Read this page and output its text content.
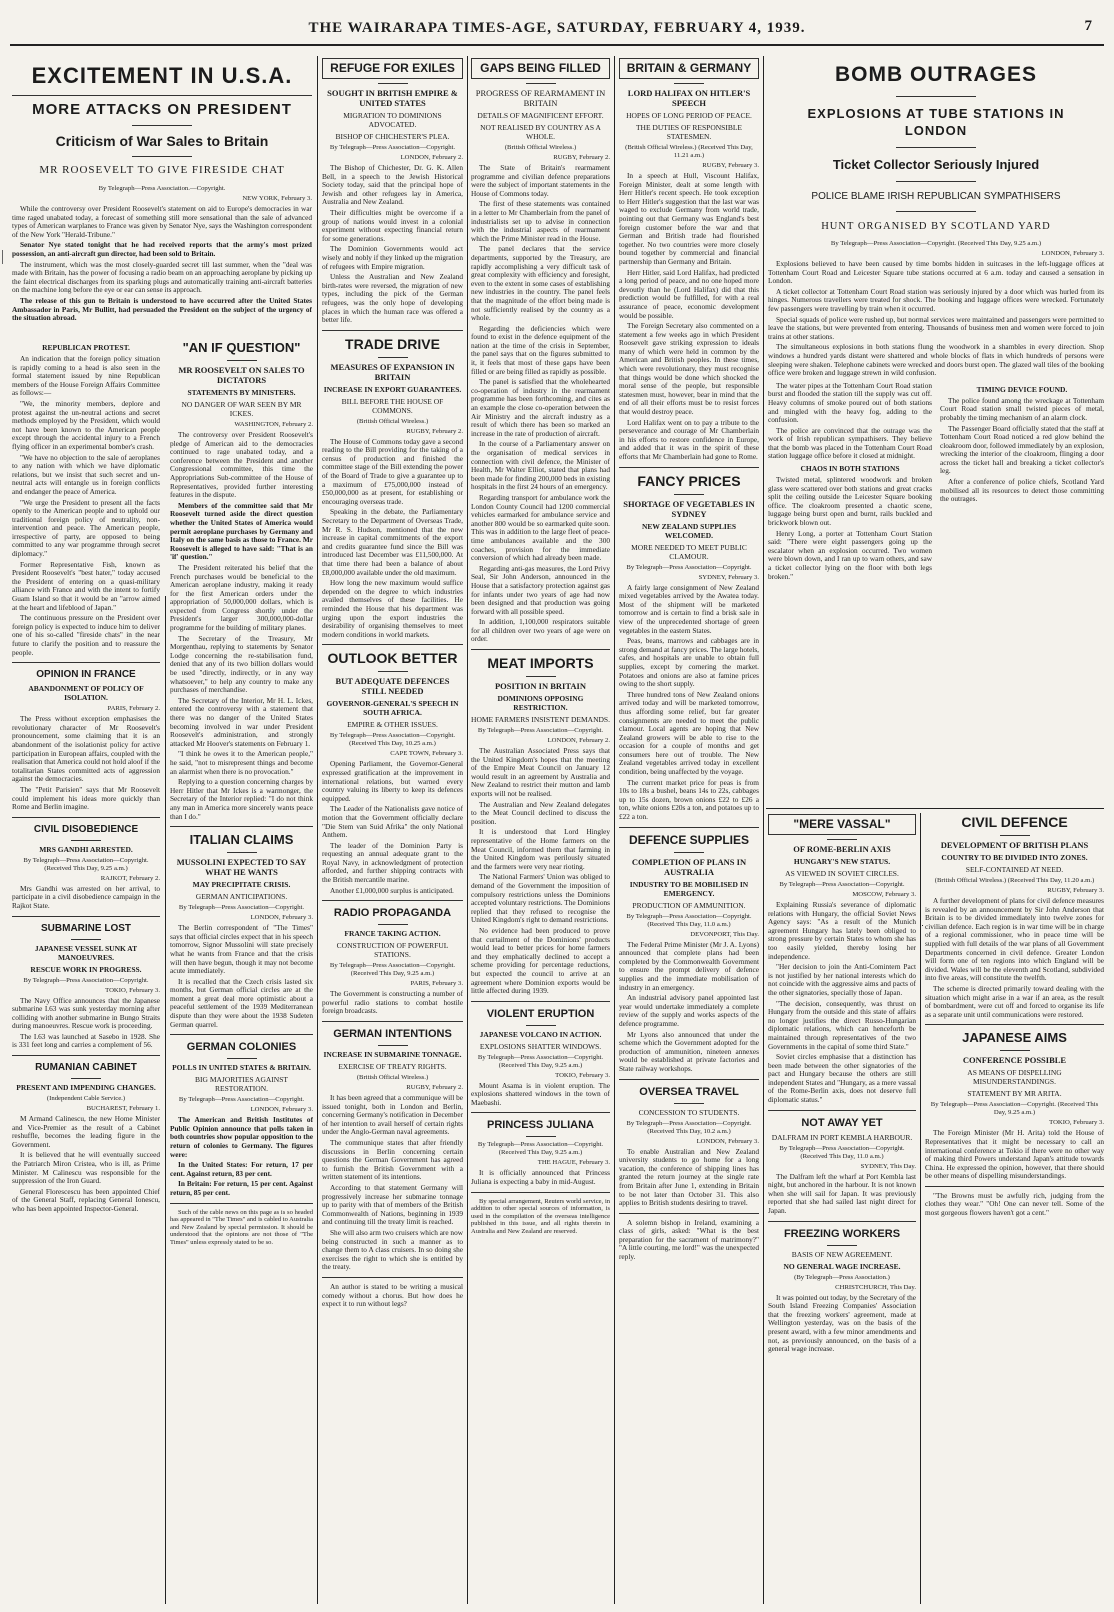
THE WAIRARAPA TIMES-AGE, SATURDAY, FEBRUARY 4, 1939.	7
EXCITEMENT IN U.S.A.
MORE ATTACKS ON PRESIDENT
Criticism of War Sales to Britain
MR ROOSEVELT TO GIVE FIRESIDE CHAT
By Telegraph—Press Association.—Copyright.
NEW YORK, February 3.

While the controversy over President Roosevelt's statement on aid to Europe's democracies in war time raged unabated today, a forecast of something still more sensational than the sale of advanced types of American warplanes to France was given by Senator Nye, says the Washington correspondent of the New York "Herald-Tribune."

Senator Nye stated tonight that he had received reports that the army's most prized possession, an anti-aircraft gun director, had been sold to Britain.

The instrument, which was the most closely-guarded secret till last summer, when the "deal was made with Britain, has the power of focusing a radio beam on an approaching aeroplane by picking up the faint electrical discharges from its sparking plugs and automatically training anti-aircraft batteries on the machine long before the eye or ear can sense its approach.

The release of this gun to Britain is understood to have occurred after the United States Ambassador in Paris, Mr Bullitt, had persuaded the President on the subject of the urgency of the situation abroad.

REPUBLICAN PROTEST.

An indication that the foreign policy situation is rapidly coming to a head is also seen in the formal statement issued by nine Republican members of the House Foreign Affairs Committee as follows:—

"We, the minority members, deplore and protest against the un-neutral actions and secret methods employed by the President, which would not have been known to the American people except through the accidental injury to a French flying officer in an experimental bomber's crash.

"We have no objection to the sale of aeroplanes to any nation with which we have diplomatic relations, but we insist that such secret and un-neutral acts will entangle us in foreign conflicts and endanger the peace of America.

"We urge the President to present all the facts openly to the American people and to uphold our traditional foreign policy of neutrality, non-intervention and peace. The American people, irrespective of party, are opposed to being committed to any war programme through secret diplomacy."

Former Representative Fish, known as President Roosevelt's "best hater," today accused the President of entering on a quasi-military alliance with France and with the intent to fortify Guam Island so that it would be an "arrow aimed at the heart and lifeblood of Japan."

The continuous pressure on the President over foreign policy is expected to induce him to deliver one of his so-called "fireside chats" in the near future to clarify the position and to reassure the people.

OPINION IN FRANCE
ABANDONMENT OF POLICY OF ISOLATION.
PARIS, February 2.

The Press without exception emphasises the revolutionary character of Mr Roosevelt's pronouncement, some claiming that it is an abandonment of the isolationist policy for active participation in European affairs, coupled with the realisation that America could not hold aloof if the totalitarian States committed acts of aggression against the democracies.

The "Petit Parisien" says that Mr Roosevelt could implement his ideas more quickly than Rome and Berlin imagine.

CIVIL DISOBEDIENCE
MRS GANDHI ARRESTED.
By Telegraph—Press Association—Copyright. (Received This Day, 9.25 a.m.)
RAJKOT, February 2.

Mrs Gandhi was arrested on her arrival, to participate in a civil disobedience campaign in the Rajkot State.

SUBMARINE LOST
JAPANESE VESSEL SUNK AT MANOEUVRES.
RESCUE WORK IN PROGRESS.
By Telegraph—Press Association—Copyright.
TOKIO, February 3.

The Navy Office announces that the Japanese submarine I.63 was sunk yesterday morning after colliding with another submarine in Bungo Straits during manoeuvres. Rescue work is proceeding.

The I.63 was launched at Sasebo in 1928. She is 331 feet long and carries a complement of 56.

RUMANIAN CABINET
PRESENT AND IMPENDING CHANGES.
(Independent Cable Service.)
BUCHAREST, February 1.

M Armand Calinescu, the new Home Minister and Vice-Premier as the result of a Cabinet reshuffle, becomes the leading figure in the Government.

It is believed that he will eventually succeed the Patriarch Miron Cristea, who is ill, as Prime Minister. M Calinescu was responsible for the suppression of the Iron Guard.

General Florescescu has been appointed Chief of the General Staff, replacing General Ionescu, who has been appointed Inspector-General.

"AN IF QUESTION"
MR ROOSEVELT ON SALES TO DICTATORS
STATEMENTS BY MINISTERS.
NO DANGER OF WAR SEEN BY MR ICKES.
WASHINGTON, February 2.

The controversy over President Roosevelt's pledge of American aid to the democracies continued to rage unabated today, and a conference between the President and another Congressional committee, this time the Appropriations Sub-committee of the House of Representatives, provided further interesting features in the dispute.

Members of the committee said that Mr Roosevelt turned aside the direct question whether the United States of America would permit aeroplane purchases by Germany and Italy on the same basis as those to France. Mr Roosevelt is alleged to have said: "That is an 'if' question."

The President reiterated his belief that the French purchases would be beneficial to the American aeroplane industry, making it ready for the first American orders under the appropriation of 50,000,000 dollars, which is expected from Congress shortly under the President's larger 300,000,000-dollar programme for the building of military planes.

The Secretary of the Treasury, Mr Morgenthau, replying to statements by Senator Lodge concerning the re-stabilisation fund, denied that any of its two billion dollars would be used "directly, indirectly, or in any way whatsoever," to help any country to make any purchases of merchandise.

The Secretary of the Interior, Mr H. L. Ickes, entered the controversy with a statement that there was no danger of the United States becoming involved in war under President Roosevelt's administration, and strongly attacked Mr Hoover's statements on February 1.

"I think he owes it to the American people," he said, "not to misrepresent things and become an alarmist when there is no provocation."

Replying to a question concerning charges by Herr Hitler that Mr Ickes is a warmonger, the Secretary of the Interior replied: "I do not think any man in America more sincerely wants peace than I do."

ITALIAN CLAIMS
MUSSOLINI EXPECTED TO SAY WHAT HE WANTS
MAY PRECIPITATE CRISIS.
GERMAN ANTICIPATIONS.
By Telegraph—Press Association—Copyright.
LONDON, February 3.

The Berlin correspondent of "The Times" says that official circles expect that in his speech tomorrow, Signor Mussolini will state precisely what he wants from France and that the crisis will then have begun, though it may not become acute immediately.

It is recalled that the Czech crisis lasted six months, but German official circles are at the moment a great deal more optimistic about a peaceful settlement of the 1939 Mediterranean dispute than they were about the 1938 Sudeten German quarrel.

GERMAN COLONIES
POLLS IN UNITED STATES & BRITAIN.
BIG MAJORITIES AGAINST RESTORATION.
By Telegraph—Press Association—Copyright.
LONDON, February 3.

The American and British Institutes of Public Opinion announce that polls taken in both countries show popular opposition to the return of colonies to Germany. The figures were:

In the United States: For return, 17 per cent. Against return, 83 per cent.

In Britain: For return, 15 per cent. Against return, 85 per cent.

Such of the cable news on this page as is so headed has appeared in "The Times" and is cabled to Australia and New Zealand by special permission. It should be understood that the opinions are not those of "The Times" unless expressly stated to be so.

REFUGE FOR EXILES
SOUGHT IN BRITISH EMPIRE & UNITED STATES
MIGRATION TO DOMINIONS ADVOCATED.
BISHOP OF CHICHESTER'S PLEA.
By Telegraph—Press Association—Copyright.
LONDON, February 2.

The Bishop of Chichester, Dr. G. K. Allen Bell, in a speech to the Jewish Historical Society today, said that the principal hope of Jewish and other refugees lay in America, Australia and New Zealand.

Their difficulties might be overcome if a group of nations would invest in a colonial experiment without expecting financial return for some generations.

The Dominion Governments would act wisely and nobly if they linked up the migration of refugees with Empire migration.

Unless the Australian and New Zealand birth-rates were reversed, the migration of new types, including the pick of the German refugees, was the only hope of developing places in which the human race was offered a better life.

TRADE DRIVE
MEASURES OF EXPANSION IN BRITAIN
INCREASE IN EXPORT GUARANTEES.
BILL BEFORE THE HOUSE OF COMMONS.
(British Official Wireless.)
RUGBY, February 2.

The House of Commons today gave a second reading to the Bill providing for the taking of a census of production and finished the committee stage of the Bill extending the power of the Board of Trade to give a guarantee up to a maximum of £75,000,000 instead of £50,000,000 as at present, for establishing or encouraging overseas trade.

Speaking in the debate, the Parliamentary Secretary to the Department of Overseas Trade, Mr R. S. Hudson, mentioned that the new increase in capital commitments of the export and credits guarantee fund since the Bill was introduced last December was £11,500,000. At that time there had been a balance of about £8,000,000 available under the old maximum.

How long the new maximum would suffice depended on the degree to which industries availed themselves of these facilities. He reminded the House that his department was urging upon the export industries the desirability of organising themselves to meet modern conditions in world markets.

OUTLOOK BETTER
BUT ADEQUATE DEFENCES STILL NEEDED
GOVERNOR-GENERAL'S SPEECH IN SOUTH AFRICA.
EMPIRE & OTHER ISSUES.
By Telegraph—Press Association—Copyright. (Received This Day, 10.25 a.m.)
CAPE TOWN, February 3.

Opening Parliament, the Governor-General expressed gratification at the improvement in international relations, but warned every country valuing its liberty to keep its defences equipped.

The Leader of the Nationalists gave notice of motion that the Government officially declare "Die Stem van Suid Afrika" the only National Anthem.

The leader of the Dominion Party is requesting an annual adequate grant to the Royal Navy, in acknowledgment of protection afforded, and further shipping contracts with the British mercantile marine.

Another £1,000,000 surplus is anticipated.

RADIO PROPAGANDA
FRANCE TAKING ACTION.
CONSTRUCTION OF POWERFUL STATIONS.
By Telegraph—Press Association—Copyright. (Received This Day, 9.25 a.m.)
PARIS, February 3.

The Government is constructing a number of powerful radio stations to combat hostile foreign broadcasts.

GERMAN INTENTIONS
INCREASE IN SUBMARINE TONNAGE.
EXERCISE OF TREATY RIGHTS.
(British Official Wireless.)
RUGBY, February 2.

It has been agreed that a communique will be issued tonight, both in London and Berlin, concerning Germany's notification in December of her intention to avail herself of certain rights under the Anglo-German naval agreements.

The communique states that after friendly discussions in Berlin concerning certain questions the German Government has agreed to furnish the British Government with a written statement of its intentions.

According to that statement Germany will progressively increase her submarine tonnage up to parity with that of members of the British Commonwealth of Nations, beginning in 1939 and continuing till the treaty limit is reached.

She will also arm two cruisers which are now being constructed in such a manner as to change them to A class cruisers. In so doing she exercises the right to which she is entitled by the treaty.

An author is stated to be writing a musical comedy without a chorus. But how does he expect it to run without legs?

GAPS BEING FILLED
PROGRESS OF REARMAMENT IN BRITAIN
DETAILS OF MAGNIFICENT EFFORT.
NOT REALISED BY COUNTRY AS A WHOLE.
(British Official Wireless.)
RUGBY, February 2.

The State of Britain's rearmament programme and civilian defence preparations were the subject of important statements in the House of Commons today.

The first of these statements was contained in a letter to Mr Chamberlain from the panel of industrialists set up to advise in connection with the industrial aspects of rearmament which the Prime Minister read in the House.

The panel declares that the service departments, supported by the Treasury, are rapidly accomplishing a very difficult task of great complexity with efficiency and foresight, even to the extent in some cases of establishing new industries in the country. The panel feels that the magnitude of the effort being made is not sufficiently realised by the country as a whole.

Regarding the deficiencies which were found to exist in the defence equipment of the nation at the time of the crisis in September, the panel says that on the figures submitted to it, it feels that most of these gaps have been filled or are being filled as rapidly as possible.

The panel is satisfied that the wholehearted co-operation of industry in the rearmament programme has been forthcoming, and cites as an example the close co-operation between the Air Ministry and the aircraft industry as a result of which there has been so marked an increase in the rate of production of aircraft.

In the course of a Parliamentary answer on the organisation of medical services in connection with civil defence, the Minister of Health, Mr Walter Elliot, stated that plans had been made for finding 200,000 beds in existing hospitals in the first 24 hours of an emergency.

Regarding transport for ambulance work the London County Council had 1200 commercial vehicles earmarked for ambulance service and another 800 would be so earmarked quite soon. This was in addition to the large fleet of peace-time ambulances available and the 300 coaches, provision for the immediate conversion of which had already been made.

Regarding anti-gas measures, the Lord Privy Seal, Sir John Anderson, announced in the House that a satisfactory protection against gas for infants under two years of age had now been designed and that production was going forward with all possible speed.

In addition, 1,100,000 respirators suitable for all children over two years of age were on order.

MEAT IMPORTS
POSITION IN BRITAIN
DOMINIONS OPPOSING RESTRICTION.
HOME FARMERS INSISTENT DEMANDS.
By Telegraph—Press Association—Copyright.
LONDON, February 2.

The Australian Associated Press says that the United Kingdom's hopes that the meeting of the Empire Meat Council on January 12 would result in an agreement by Australia and New Zealand to restrict their mutton and lamb exports will not be realised.

The Australian and New Zealand delegates to the Meat Council declined to discuss the position.

It is understood that Lord Hingley representative of the Home farmers on the Meat Council, informed them that farming in the United Kingdom was perilously situated and the farmers were very near rioting.

The National Farmers' Union was obliged to demand of the Government the imposition of compulsory restrictions unless the Dominions accepted voluntary restrictions. The Dominions replied that they refused to recognise the United Kingdom's right to demand restrictions.

No evidence had been produced to prove that curtailment of the Dominions' products would lead to better prices for home farmers and they emphatically declined to accept a scheme providing for percentage reductions, but expected the council to arrive at an agreement where Dominion exports would be little affected during 1939.

VIOLENT ERUPTION
JAPANESE VOLCANO IN ACTION.
EXPLOSIONS SHATTER WINDOWS.
By Telegraph—Press Association—Copyright. (Received This Day, 9.25 a.m.)
TOKIO, February 3.

Mount Asama is in violent eruption. The explosions shattered windows in the town of Maebashi.

PRINCESS JULIANA
By Telegraph—Press Association—Copyright. (Received This Day, 9.25 a.m.)
THE HAGUE, February 3.

It is officially announced that Princess Juliana is expecting a baby in mid-August.

By special arrangement, Reuters world service, in addition to other special sources of information, is used in the compilation of the overseas intelligence published in this issue, and all rights therein in Australia and New Zealand are reserved.

BRITAIN & GERMANY
LORD HALIFAX ON HITLER'S SPEECH
HOPES OF LONG PERIOD OF PEACE.
THE DUTIES OF RESPONSIBLE STATESMEN.
(British Official Wireless.) (Received This Day, 11.21 a.m.)
RUGBY, February 3.

In a speech at Hull, Viscount Halifax, Foreign Minister, dealt at some length with Herr Hitler's recent speech. He took exception to Herr Hitler's suggestion that the last war was waged to exclude Germany from world trade, pointing out that Germany was England's best foreign customer before the war and that German and British trade had flourished together. No two countries were more closely bound together by commercial and financial partnership than Germany and Britain.

Herr Hitler, said Lord Halifax, had predicted a long period of peace, and no one hoped more devoutly than he (Lord Halifax) did that this prediction would be fulfilled, for with a real assurance of peace, economic development would be possible.

The Foreign Secretary also commented on a statement a few weeks ago in which President Roosevelt gave striking expression to ideals many of which were held in common by the American and British peoples. In these times, which were revolutionary, they must recognise that things would be done which shocked the moral sense of the people, but responsible statesmen must, however, bear in mind that the end of all their efforts must be to resist forces that would destroy peace.

Lord Halifax went on to pay a tribute to the perseverance and courage of Mr Chamberlain in his efforts to restore confidence in Europe, and added that it was in the spirit of these efforts that Mr Chamberlain had gone to Rome.

FANCY PRICES
SHORTAGE OF VEGETABLES IN SYDNEY
NEW ZEALAND SUPPLIES WELCOMED.
MORE NEEDED TO MEET PUBLIC CLAMOUR.
By Telegraph—Press Association—Copyright.
SYDNEY, February 3.

A fairly large consignment of New Zealand mixed vegetables arrived by the Awatea today. Most of the shipment will be marketed tomorrow and is certain to find a brisk sale in view of the unprecedented shortage of green vegetables in the eastern States.

Peas, beans, marrows and cabbages are in strong demand at fancy prices. The large hotels, cafes, and hospitals are unable to obtain full supplies, except by cornering the market. Potatoes and onions are also at famine prices owing to the short supply.

Three hundred tons of New Zealand onions arrived today and will be marketed tomorrow, thus affording some relief, but far greater consignments are needed to meet the public clamour. Local agents are hoping that New Zealand growers will be able to rise to the occasion for a couple of months and get consumers here out of trouble. The New Zealand vegetables arrived today in excellent condition, being unaffected by the voyage.

The current market price for peas is from 10s to 18s a bushel, beans 14s to 22s, cabbages up to 15s dozen, brown onions £22 to £26 a ton, white onions £20s a ton, and potatoes up to £22 a ton.

DEFENCE SUPPLIES
COMPLETION OF PLANS IN AUSTRALIA
INDUSTRY TO BE MOBILISED IN EMERGENCY.
PRODUCTION OF AMMUNITION.
By Telegraph—Press Association—Copyright. (Received This Day, 11.0 a.m.)
DEVONPORT, This Day.

The Federal Prime Minister (Mr J. A. Lyons) announced that complete plans had been completed by the Commonwealth Government to ensure the prompt delivery of defence supplies and the immediate mobilisation of industry in an emergency.

An industrial advisory panel appointed last year would undertake immediately a complete review of the supply and works aspects of the defence programme.

Mr Lyons also announced that under the scheme which the Government adopted for the production of ammunition, nineteen annexes would be established at private factories and State railway workshops.

OVERSEA TRAVEL
CONCESSION TO STUDENTS.
By Telegraph—Press Association—Copyright. (Received This Day, 10.2 a.m.)
LONDON, February 3.

To enable Australian and New Zealand university students to go home for a long vacation, the conference of shipping lines has granted the return journey at the single rate from Britain after June 1, extending in Britain to be not later than October 31. This also applies to British students desiring to travel.

A solemn bishop in Ireland, examining a class of girls, asked: "What is the best preparation for the sacrament of matrimony?" "A little courting, me lord!" was the unexpected reply.

BOMB OUTRAGES
EXPLOSIONS AT TUBE STATIONS IN LONDON
Ticket Collector Seriously Injured
POLICE BLAME IRISH REPUBLICAN SYMPATHISERS
HUNT ORGANISED BY SCOTLAND YARD
By Telegraph—Press Association—Copyright. (Received This Day, 9.25 a.m.)
LONDON, February 3.

Explosions believed to have been caused by time bombs hidden in suitcases in the left-luggage offices at Tottenham Court Road and Leicester Square tube stations occurred at 6 a.m. today and caused a sensation in London.

A ticket collector at Tottenham Court Road station was seriously injured by a door which was hurled from its hinges. Numerous travellers were treated for shock. The booking and luggage offices were wrecked. Fortunately few passengers were travelling by train when it occurred.

Special squads of police were rushed up, but normal services were maintained and passengers were permitted to leave the stations, but were prevented from entering. Thousands of business men and women were forced to join trains at other stations.

The simultaneous explosions in both stations flung the woodwork in a shambles in every direction. Shop windows a hundred yards distant were shattered and whole blocks of flats in which hundreds of persons were sleeping were shaken. Telephone cabinets were wrecked and doors burst open. The glazed wall tiles of the booking office were broken and luggage strewn in wild confusion.

The water pipes at the Tottenham Court Road station burst and flooded the station till the supply was cut off. Heavy columns of smoke poured out of both stations and mingled with the heavy fog, adding to the confusion.

The police are convinced that the outrage was the work of Irish republican sympathisers. They believe that the bomb was placed in the Tottenham Court Road station luggage office before it closed at midnight.

CHAOS IN BOTH STATIONS

Twisted metal, splintered woodwork and broken glass were scattered over both stations and great cracks split the ceiling outside the Leicester Square booking office. The cloakroom presented a chaotic scene, luggage being burst open and burnt, rails buckled and brickwork blown out.

Henry Long, a porter at Tottenham Court Station said: "There were eight passengers going up the escalator when an explosion occurred. Two women were blown down, and I ran up to warn others, and saw a ticket collector lying on the floor with both legs broken."

TIMING DEVICE FOUND.

The police found among the wreckage at Tottenham Court Road station small twisted pieces of metal, probably the timing mechanism of an alarm clock.

The Passenger Board officially stated that the staff at Tottenham Court Road noticed a red glow behind the cloakroom door, followed immediately by an explosion, wrecking the interior of the cloakroom, flinging a door across the ticket hall and breaking a ticket collector's leg.

After a conference of police chiefs, Scotland Yard mobilised all its resources to detect those committing the outrages.

"MERE VASSAL"
OF ROME-BERLIN AXIS
HUNGARY'S NEW STATUS.
AS VIEWED IN SOVIET CIRCLES.
By Telegraph—Press Association—Copyright.
MOSCOW, February 3.

Explaining Russia's severance of diplomatic relations with Hungary, the official Soviet News Agency says: "As a result of the Munich agreement Hungary has lately been obliged to strong pressure by certain States to whom she has too easily yielded, thereby losing her independence.

"Her decision to join the Anti-Comintern Pact is not justified by her national interests which do not coincide with the aggressive aims and pacts of the other signatories, specially those of Japan.

"The decision, consequently, was thrust on Hungary from the outside and this state of affairs no longer justifies the direct Russo-Hungarian diplomatic relations, which can henceforth be maintained through representatives of the two Governments in the capital of some third State."

Soviet circles emphasise that a distinction has been made between the other signatories of the pact and Hungary because the others are still independent States and "Hungary, as a mere vassal of the Rome-Berlin axis, does not deserve full diplomatic status."

NOT AWAY YET
DALFRAM IN PORT KEMBLA HARBOUR.
By Telegraph—Press Association—Copyright. (Received This Day, 11.0 a.m.)
SYDNEY, This Day.

The Dalfram left the wharf at Port Kembla last night, but anchored in the harbour. It is not known when she will sail for Japan. It was previously reported that she had sailed last night direct for Japan.

FREEZING WORKERS
BASIS OF NEW AGREEMENT.
NO GENERAL WAGE INCREASE.
(By Telegraph—Press Association.)
CHRISTCHURCH, This Day.

It was pointed out today, by the Secretary of the South Island Freezing Companies' Association that the freezing workers' agreement, made at Wellington yesterday, was on the basis of the present award, with a few minor amendments and not, as previously announced, on the basis of a general wage increase.

CIVIL DEFENCE
DEVELOPMENT OF BRITISH PLANS
COUNTRY TO BE DIVIDED INTO ZONES.
SELF-CONTAINED AT NEED.
(British Official Wireless.) (Received This Day, 11.20 a.m.)
RUGBY, February 3.

A further development of plans for civil defence measures is revealed by an announcement by Sir John Anderson that Britain is to be divided immediately into twelve zones for civilian defence. Each region is in war time will be in charge of a regional commissioner, who in peace time will be supplied with full details of the war plans of all Government Departments concerned in civil defence. Greater London will form one of ten regions into which England will be divided. Wales will be the eleventh and Scotland, subdivided into five areas, will constitute the twelfth.

The scheme is directed primarily toward dealing with the situation which might arise in a war if an area, as the result of bombardment, were cut off and forced to organise its life as a separate unit until communications were restored.

JAPANESE AIMS
CONFERENCE POSSIBLE
AS MEANS OF DISPELLING MISUNDERSTANDINGS.
STATEMENT BY MR ARITA.
By Telegraph—Press Association—Copyright. (Received This Day, 9.25 a.m.)
TOKIO, February 3.

The Foreign Minister (Mr H. Arita) told the House of Representatives that it might be necessary to call an international conference at Tokio if there were no other way of making third Powers understand Japan's attitude towards China. He expressed the opinion, however, that there should be other means of dispelling misunderstandings.

"The Browns must be awfully rich, judging from the clothes they wear." "Oh! One can never tell. Some of the most gorgeous flowers haven't got a cent."
